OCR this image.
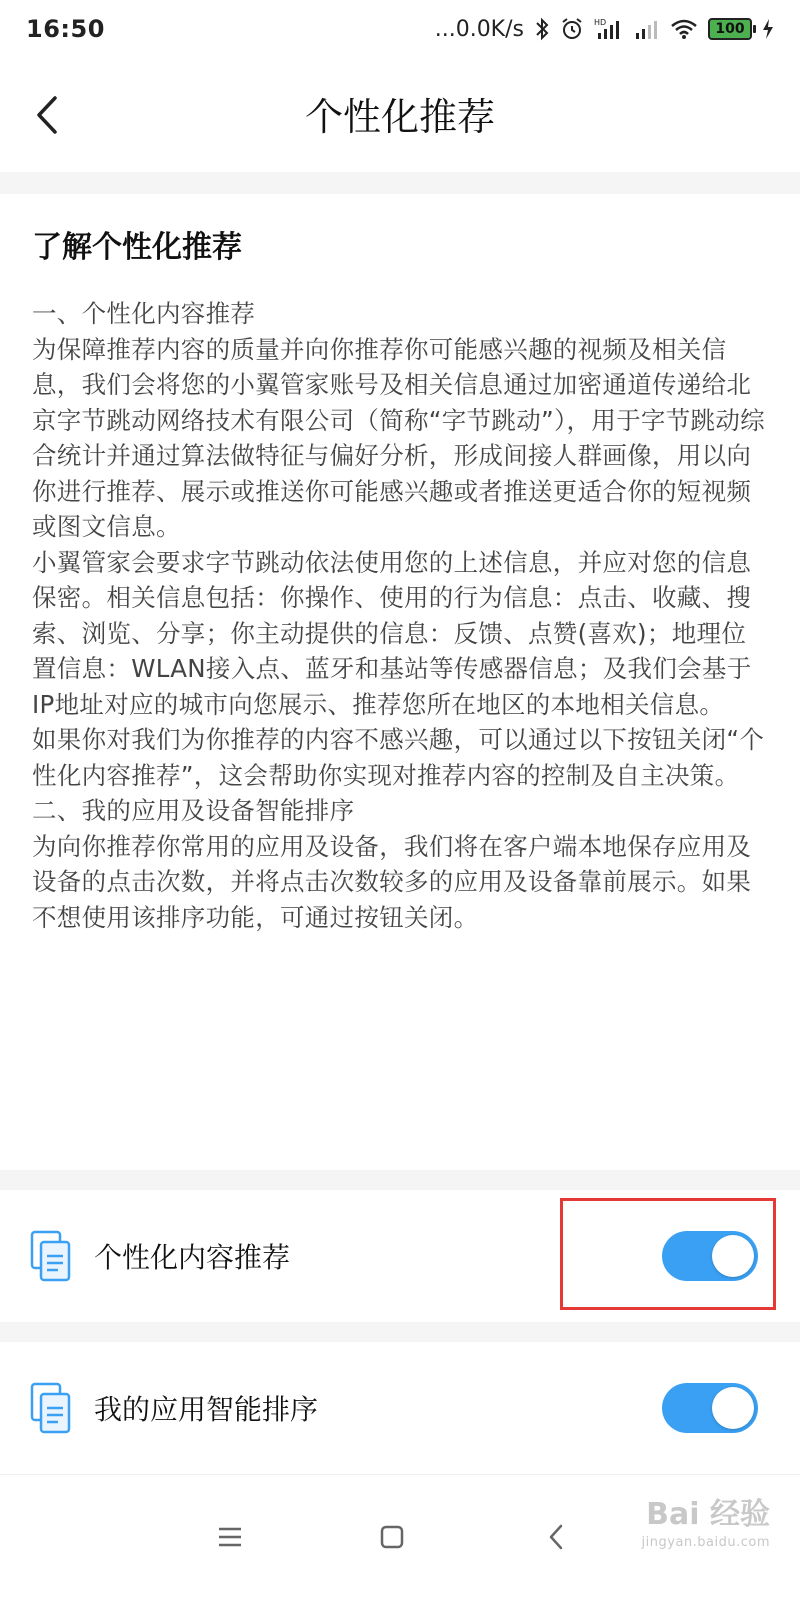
16:50	...0.0K/s	HD	100
个性化推荐
了解个性化推荐

一、个性化内容推荐
为保障推荐内容的质量并向你推荐你可能感兴趣的视频及相关信息，我们会将您的小翼管家账号及相关信息通过加密通道传递给北京字节跳动网络技术有限公司（简称“字节跳动”），用于字节跳动综合统计并通过算法做特征与偏好分析，形成间接人群画像，用以向你进行推荐、展示或推送你可能感兴趣或者推送更适合你的短视频或图文信息。
小翼管家会要求字节跳动依法使用您的上述信息，并应对您的信息保密。相关信息包括：你操作、使用的行为信息：点击、收藏、搜索、浏览、分享；你主动提供的信息：反馈、点赞(喜欢)；地理位置信息：WLAN接入点、蓝牙和基站等传感器信息；及我们会基于IP地址对应的城市向您展示、推荐您所在地区的本地相关信息。
如果你对我们为你推荐的内容不感兴趣，可以通过以下按钮关闭“个性化内容推荐”，这会帮助你实现对推荐内容的控制及自主决策。
二、我的应用及设备智能排序
为向你推荐你常用的应用及设备，我们将在客户端本地保存应用及设备的点击次数，并将点击次数较多的应用及设备靠前展示。如果不想使用该排序功能，可通过按钮关闭。

个性化内容推荐
我的应用智能排序
Bai 经验
jingyan.baidu.com
